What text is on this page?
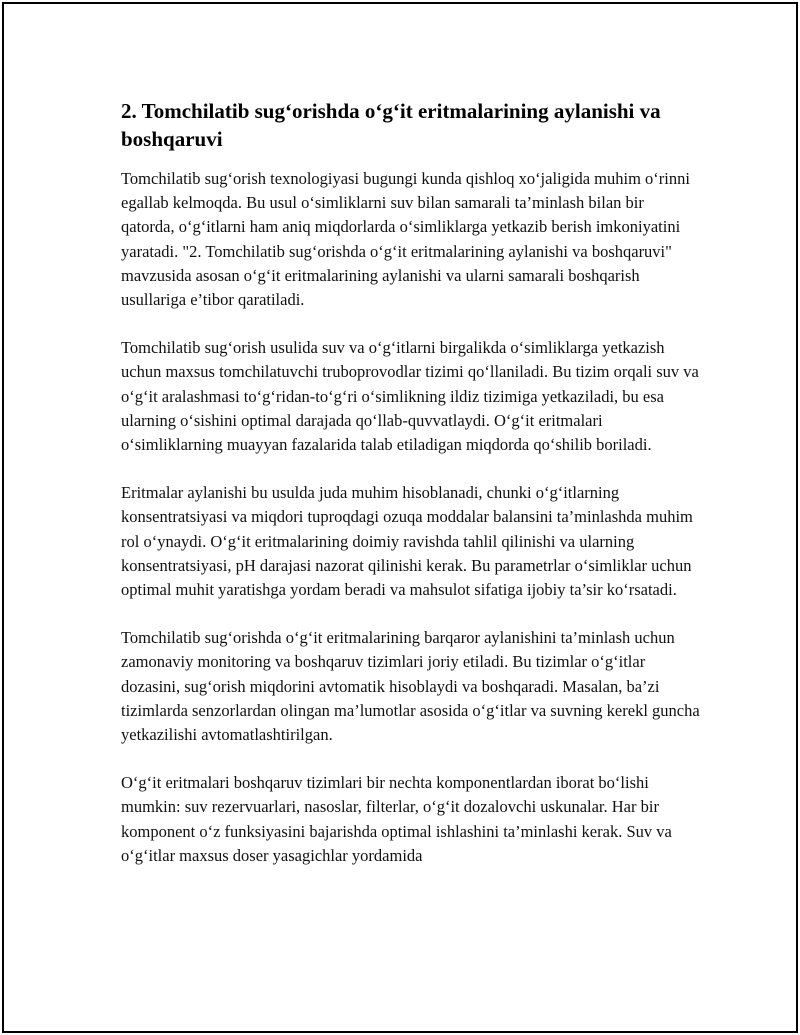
2. Tomchilatib sug‘orishda o‘g‘it eritmalarining aylanishi va boshqaruvi

Tomchilatib sug‘orish texnologiyasi bugungi kunda qishloq xo‘jaligida muhim o‘rinni egallab kelmoqda. Bu usul o‘simliklarni suv bilan samarali ta’minlash bilan bir qatorda, o‘g‘itlarni ham aniq miqdorlarda o‘simliklarga yetkazib berish imkoniyatini yaratadi. "2. Tomchilatib sug‘orishda o‘g‘it eritmalarining aylanishi va boshqaruvi" mavzusida asosan o‘g‘it eritmalarining aylanishi va ularni samarali boshqarish usullariga e’tibor qaratiladi.

Tomchilatib sug‘orish usulida suv va o‘g‘itlarni birgalikda o‘simliklarga yetkazish uchun maxsus tomchilatuvchi truboprovodlar tizimi qo‘llaniladi. Bu tizim orqali suv va o‘g‘it aralashmasi to‘g‘ridan-to‘g‘ri o‘simlikning ildiz tizimiga yetkaziladi, bu esa ularning o‘sishini optimal darajada qo‘llab-quvvatlaydi. O‘g‘it eritmalari o‘simliklarning muayyan fazalarida talab etiladigan miqdorda qo‘shilib boriladi.

Eritmalar aylanishi bu usulda juda muhim hisoblanadi, chunki o‘g‘itlarning konsentratsiyasi va miqdori tuproqdagi ozuqa moddalar balansini ta’minlashda muhim rol o‘ynaydi. O‘g‘it eritmalarining doimiy ravishda tahlil qilinishi va ularning konsentratsiyasi, pH darajasi nazorat qilinishi kerak. Bu parametrlar o‘simliklar uchun optimal muhit yaratishga yordam beradi va mahsulot sifatiga ijobiy ta’sir ko‘rsatadi.

Tomchilatib sug‘orishda o‘g‘it eritmalarining barqaror aylanishini ta’minlash uchun zamonaviy monitoring va boshqaruv tizimlari joriy etiladi. Bu tizimlar o‘g‘itlar dozasini, sug‘orish miqdorini avtomatik hisoblaydi va boshqaradi. Masalan, ba’zi tizimlarda senzorlardan olingan ma’lumotlar asosida o‘g‘itlar va suvning kerekl guncha yetkazilishi avtomatlashtirilgan.

O‘g‘it eritmalari boshqaruv tizimlari bir nechta komponentlardan iborat bo‘lishi mumkin: suv rezervuarlari, nasoslar, filterlar, o‘g‘it dozalovchi uskunalar. Har bir komponent o‘z funksiyasini bajarishda optimal ishlashini ta’minlashi kerak. Suv va o‘g‘itlar maxsus doser yasagichlar yordamida
